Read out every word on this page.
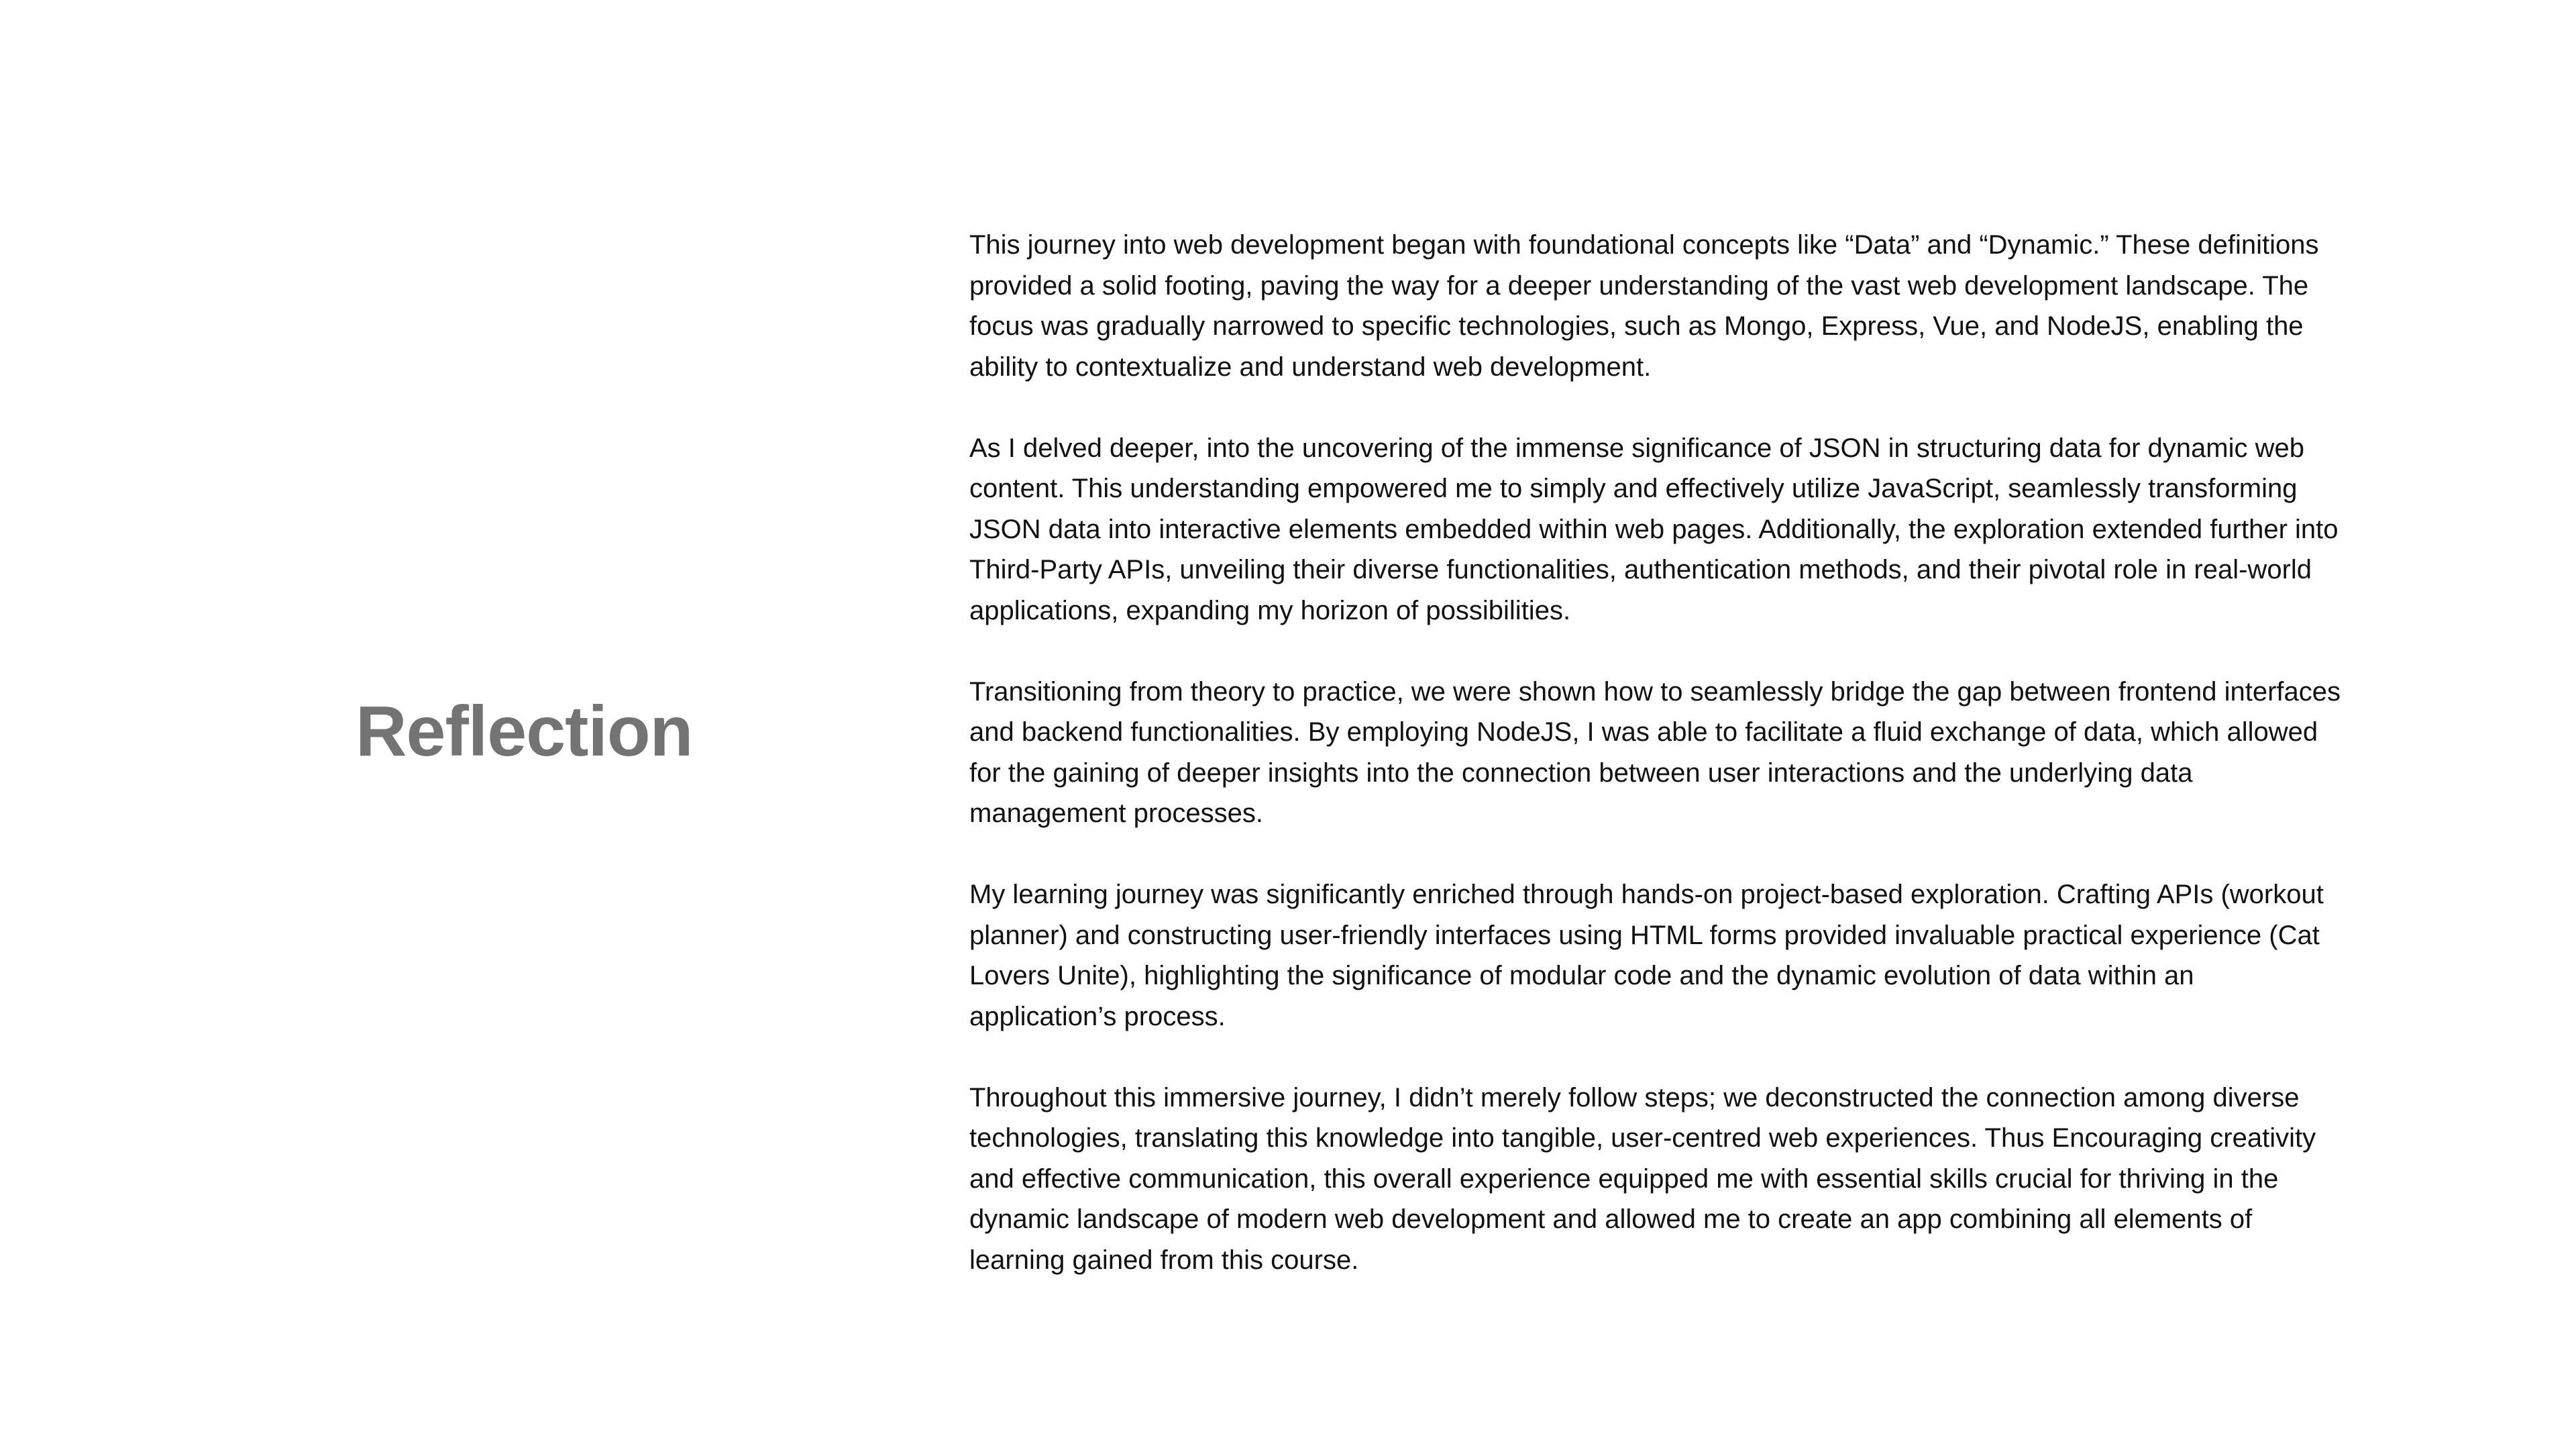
Reflection

This journey into web development began with foundational concepts like “Data” and “Dynamic.” These definitions provided a solid footing, paving the way for a deeper understanding of the vast web development landscape. The focus was gradually narrowed to specific technologies, such as Mongo, Express, Vue, and NodeJS, enabling the ability to contextualize and understand web development.

As I delved deeper, into the uncovering of the immense significance of JSON in structuring data for dynamic web content. This understanding empowered me to simply and effectively utilize JavaScript, seamlessly transforming JSON data into interactive elements embedded within web pages. Additionally, the exploration extended further into Third-Party APIs, unveiling their diverse functionalities, authentication methods, and their pivotal role in real-world applications, expanding my horizon of possibilities.

Transitioning from theory to practice, we were shown how to seamlessly bridge the gap between frontend interfaces and backend functionalities. By employing NodeJS, I was able to facilitate a fluid exchange of data, which allowed for the gaining of deeper insights into the connection between user interactions and the underlying data management processes.

My learning journey was significantly enriched through hands-on project-based exploration. Crafting APIs (workout planner) and constructing user-friendly interfaces using HTML forms provided invaluable practical experience (Cat Lovers Unite), highlighting the significance of modular code and the dynamic evolution of data within an application’s process.

Throughout this immersive journey, I didn’t merely follow steps; we deconstructed the connection among diverse technologies, translating this knowledge into tangible, user-centred web experiences. Thus Encouraging creativity and effective communication, this overall experience equipped me with essential skills crucial for thriving in the dynamic landscape of modern web development and allowed me to create an app combining all elements of learning gained from this course.
